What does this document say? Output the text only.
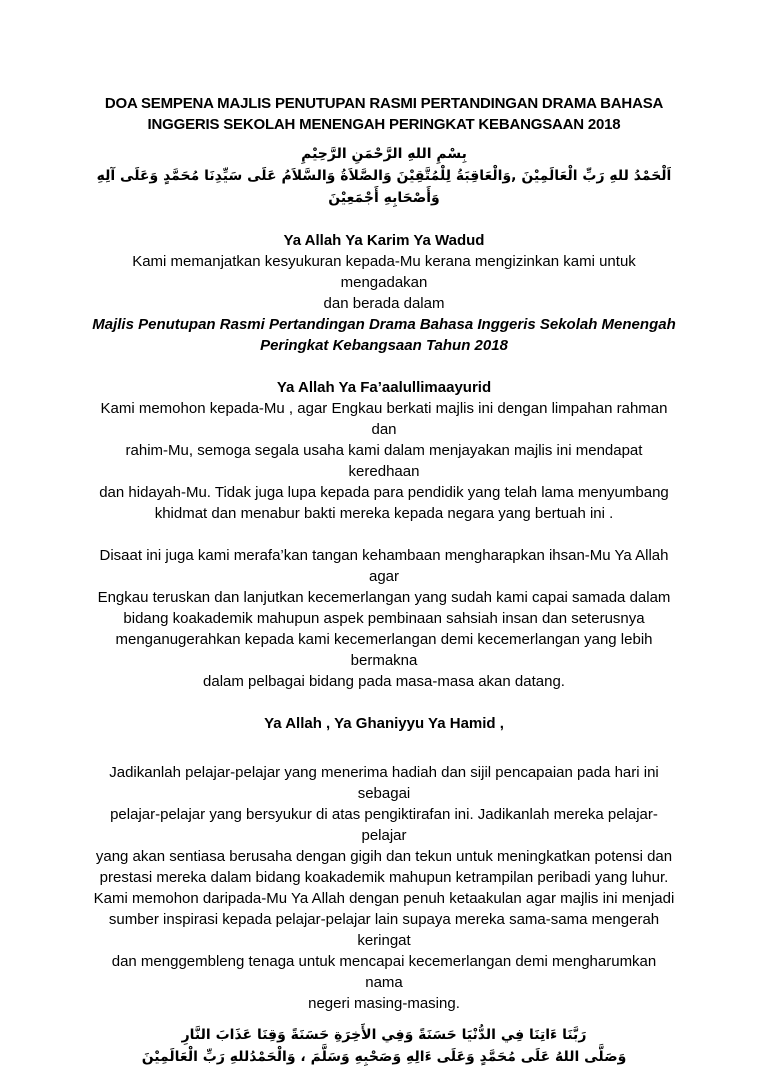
DOA SEMPENA MAJLIS PENUTUPAN RASMI PERTANDINGAN DRAMA BAHASA
INGGERIS SEKOLAH MENENGAH PERINGKAT KEBANGSAAN 2018
بِسْمِ اللهِ الرَّحْمَنِ الرَّحِيْمِ
اَلْحَمْدُ للهِ رَبِّ الْعَالَمِيْنَ ,وَالْعَاقِبَةُ لِلْمُتَّقِيْنَ وَالصَّلاَةُ وَالسَّلاَمُ عَلَى سَيِّدِنَا مُحَمَّدٍ وَعَلَى آلِهِ
وَأَصْحَابِهِ أَجْمَعِيْنَ
Ya Allah Ya Karim Ya Wadud
Kami memanjatkan kesyukuran kepada-Mu kerana mengizinkan kami untuk mengadakan
dan berada dalam
Majlis Penutupan Rasmi Pertandingan Drama Bahasa Inggeris Sekolah Menengah
Peringkat Kebangsaan Tahun 2018
Ya Allah Ya Fa’aalullimaayurid
Kami memohon kepada-Mu , agar Engkau berkati majlis ini dengan limpahan rahman dan
rahim-Mu, semoga segala usaha kami dalam menjayakan majlis ini mendapat keredhaan
dan hidayah-Mu. Tidak juga lupa kepada para pendidik yang telah lama menyumbang
khidmat dan menabur bakti mereka kepada negara yang bertuah ini .
Disaat ini juga kami merafa’kan tangan kehambaan mengharapkan ihsan-Mu Ya Allah agar
Engkau teruskan dan lanjutkan kecemerlangan yang sudah kami capai samada dalam
bidang koakademik mahupun aspek pembinaan sahsiah insan dan seterusnya
menganugerahkan kepada kami kecemerlangan demi kecemerlangan yang lebih bermakna
dalam pelbagai bidang pada masa-masa akan datang.
Ya Allah , Ya Ghaniyyu Ya Hamid ,
Jadikanlah pelajar-pelajar yang menerima hadiah dan sijil pencapaian pada hari ini sebagai
pelajar-pelajar yang bersyukur di atas pengiktirafan ini. Jadikanlah mereka pelajar-pelajar
yang akan sentiasa berusaha dengan gigih dan tekun untuk meningkatkan potensi dan
prestasi mereka dalam bidang koakademik mahupun ketrampilan peribadi yang luhur.
Kami memohon daripada-Mu Ya Allah dengan penuh ketaakulan agar majlis ini menjadi
sumber inspirasi kepada pelajar-pelajar lain supaya mereka sama-sama mengerah keringat
dan menggembleng tenaga untuk mencapai kecemerlangan demi mengharumkan nama
negeri masing-masing.
رَبَّنَا ءَاتِنَا فِي الدُّنْيَا حَسَنَةً وَفِي الأَخِرَةِ حَسَنَةً وَقِنَا عَذَابَ النَّارِ
وَصَلَّى اللهُ عَلَى مُحَمَّدٍ وَعَلَى ءَالِهِ وَصَحْبِهِ وَسَلَّمَ ، وَالْحَمْدُللهِ رَبِّ الْعَالَمِيْنَ
